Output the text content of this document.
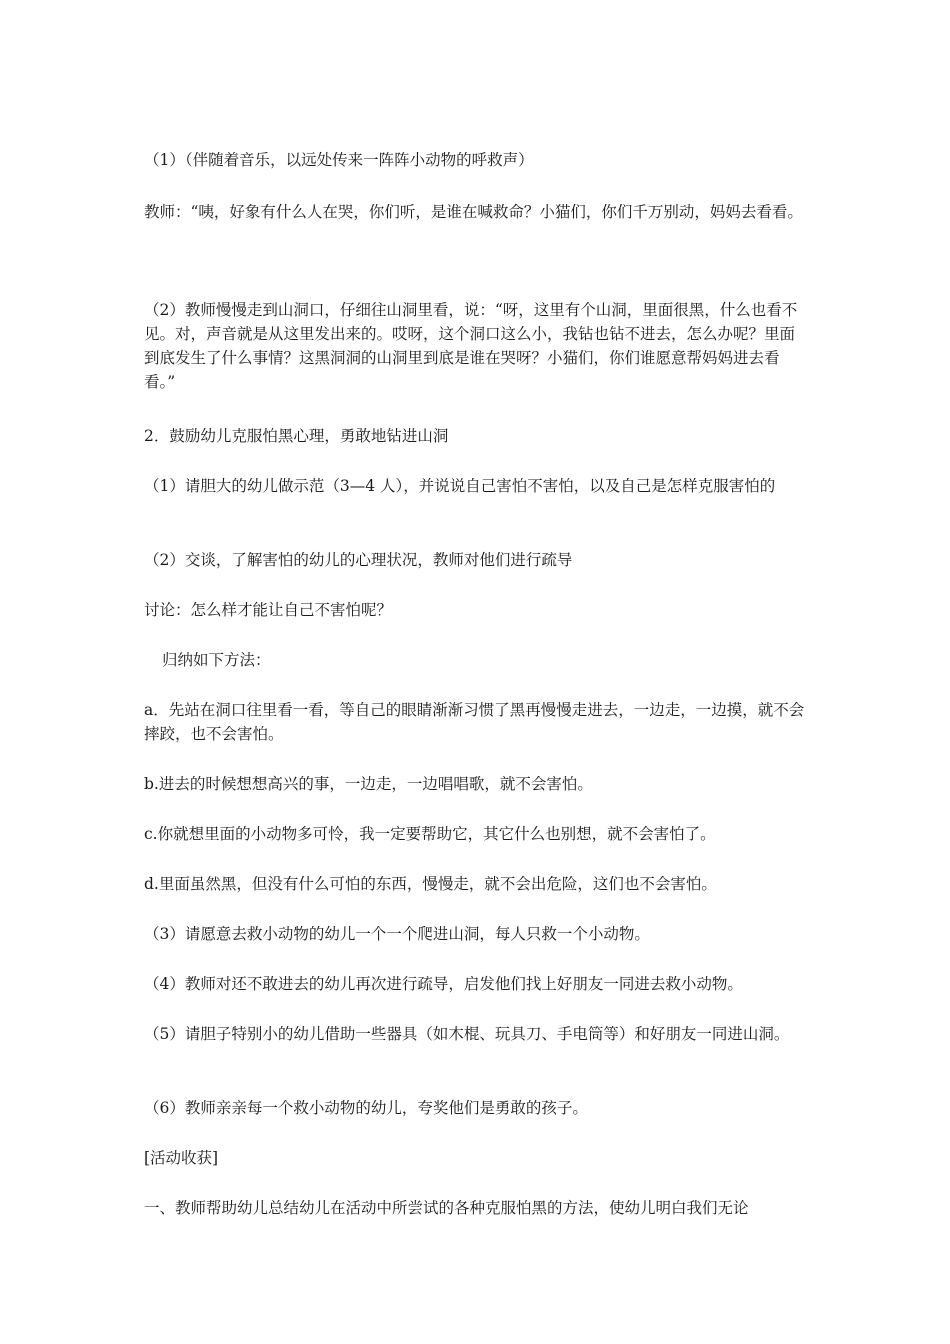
（1）（伴随着音乐，以远处传来一阵阵小动物的呼救声）

教师：“咦，好象有什么人在哭，你们听，是谁在喊救命？小猫们，你们千万别动，妈妈去看看。

（2）教师慢慢走到山洞口，仔细往山洞里看，说：“呀，这里有个山洞，里面很黑，什么也看不见。对，声音就是从这里发出来的。哎呀，这个洞口这么小，我钻也钻不进去，怎么办呢？里面到底发生了什么事情？这黑洞洞的山洞里到底是谁在哭呀？小猫们，你们谁愿意帮妈妈进去看看。”

2．鼓励幼儿克服怕黑心理，勇敢地钻进山洞

（1）请胆大的幼儿做示范（3—4 人），并说说自己害怕不害怕，以及自己是怎样克服害怕的

（2）交谈，了解害怕的幼儿的心理状况，教师对他们进行疏导

讨论：怎么样才能让自己不害怕呢？

归纳如下方法：

a．先站在洞口往里看一看，等自己的眼睛渐渐习惯了黑再慢慢走进去，一边走，一边摸，就不会摔跤，也不会害怕。

b.进去的时候想想高兴的事，一边走，一边唱唱歌，就不会害怕。

c.你就想里面的小动物多可怜，我一定要帮助它，其它什么也别想，就不会害怕了。

d.里面虽然黑，但没有什么可怕的东西，慢慢走，就不会出危险，这们也不会害怕。

（3）请愿意去救小动物的幼儿一个一个爬进山洞，每人只救一个小动物。

（4）教师对还不敢进去的幼儿再次进行疏导，启发他们找上好朋友一同进去救小动物。

（5）请胆子特别小的幼儿借助一些器具（如木棍、玩具刀、手电筒等）和好朋友一同进山洞。

（6）教师亲亲每一个救小动物的幼儿，夸奖他们是勇敢的孩子。

[活动收获]

一、教师帮助幼儿总结幼儿在活动中所尝试的各种克服怕黑的方法，使幼儿明白我们无论
